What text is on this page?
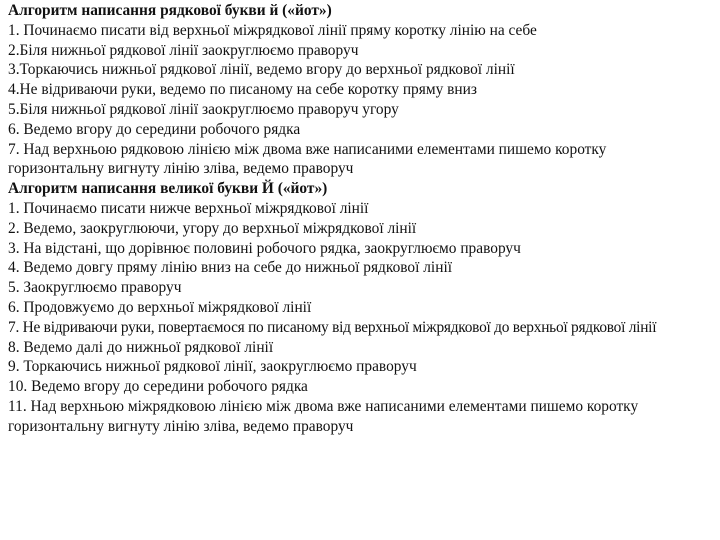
Алгоритм написання рядкової букви й («йот»)

1. Починаємо писати від верхньої міжрядкової лінії пряму коротку лінію на себе

2.Біля нижньої рядкової лінії заокруглюємо праворуч

3.Торкаючись нижньої рядкової лінії, ведемо вгору до верхньої рядкової лінії

4.Не відриваючи руки, ведемо по писаному на себе коротку пряму вниз

5.Біля нижньої рядкової лінії заокруглюємо праворуч угору

6. Ведемо вгору до середини робочого рядка

7. Над верхньою рядковою лінією між двома вже написаними елементами пишемо коротку горизонтальну вигнуту лінію зліва, ведемо праворуч

Алгоритм написання великої букви Й («йот»)

1. Починаємо писати нижче верхньої міжрядкової лінії

2. Ведемо, заокруглюючи, угору до верхньої міжрядкової лінії

3. На відстані, що дорівнює половині робочого рядка, заокруглюємо праворуч

4. Ведемо довгу пряму лінію вниз на себе до нижньої рядкової лінії

5. Заокруглюємо праворуч

6. Продовжуємо до верхньої міжрядкової лінії

7. Не відриваючи руки, повертаємося по писаному від верхньої міжрядкової до верхньої рядкової лінії

8. Ведемо далі до нижньої рядкової лінії

9. Торкаючись нижньої рядкової лінії, заокруглюємо праворуч

10. Ведемо вгору до середини робочого рядка

11. Над верхньою міжрядковою лінією між двома вже написаними елементами пишемо коротку горизонтальну вигнуту лінію зліва, ведемо праворуч
